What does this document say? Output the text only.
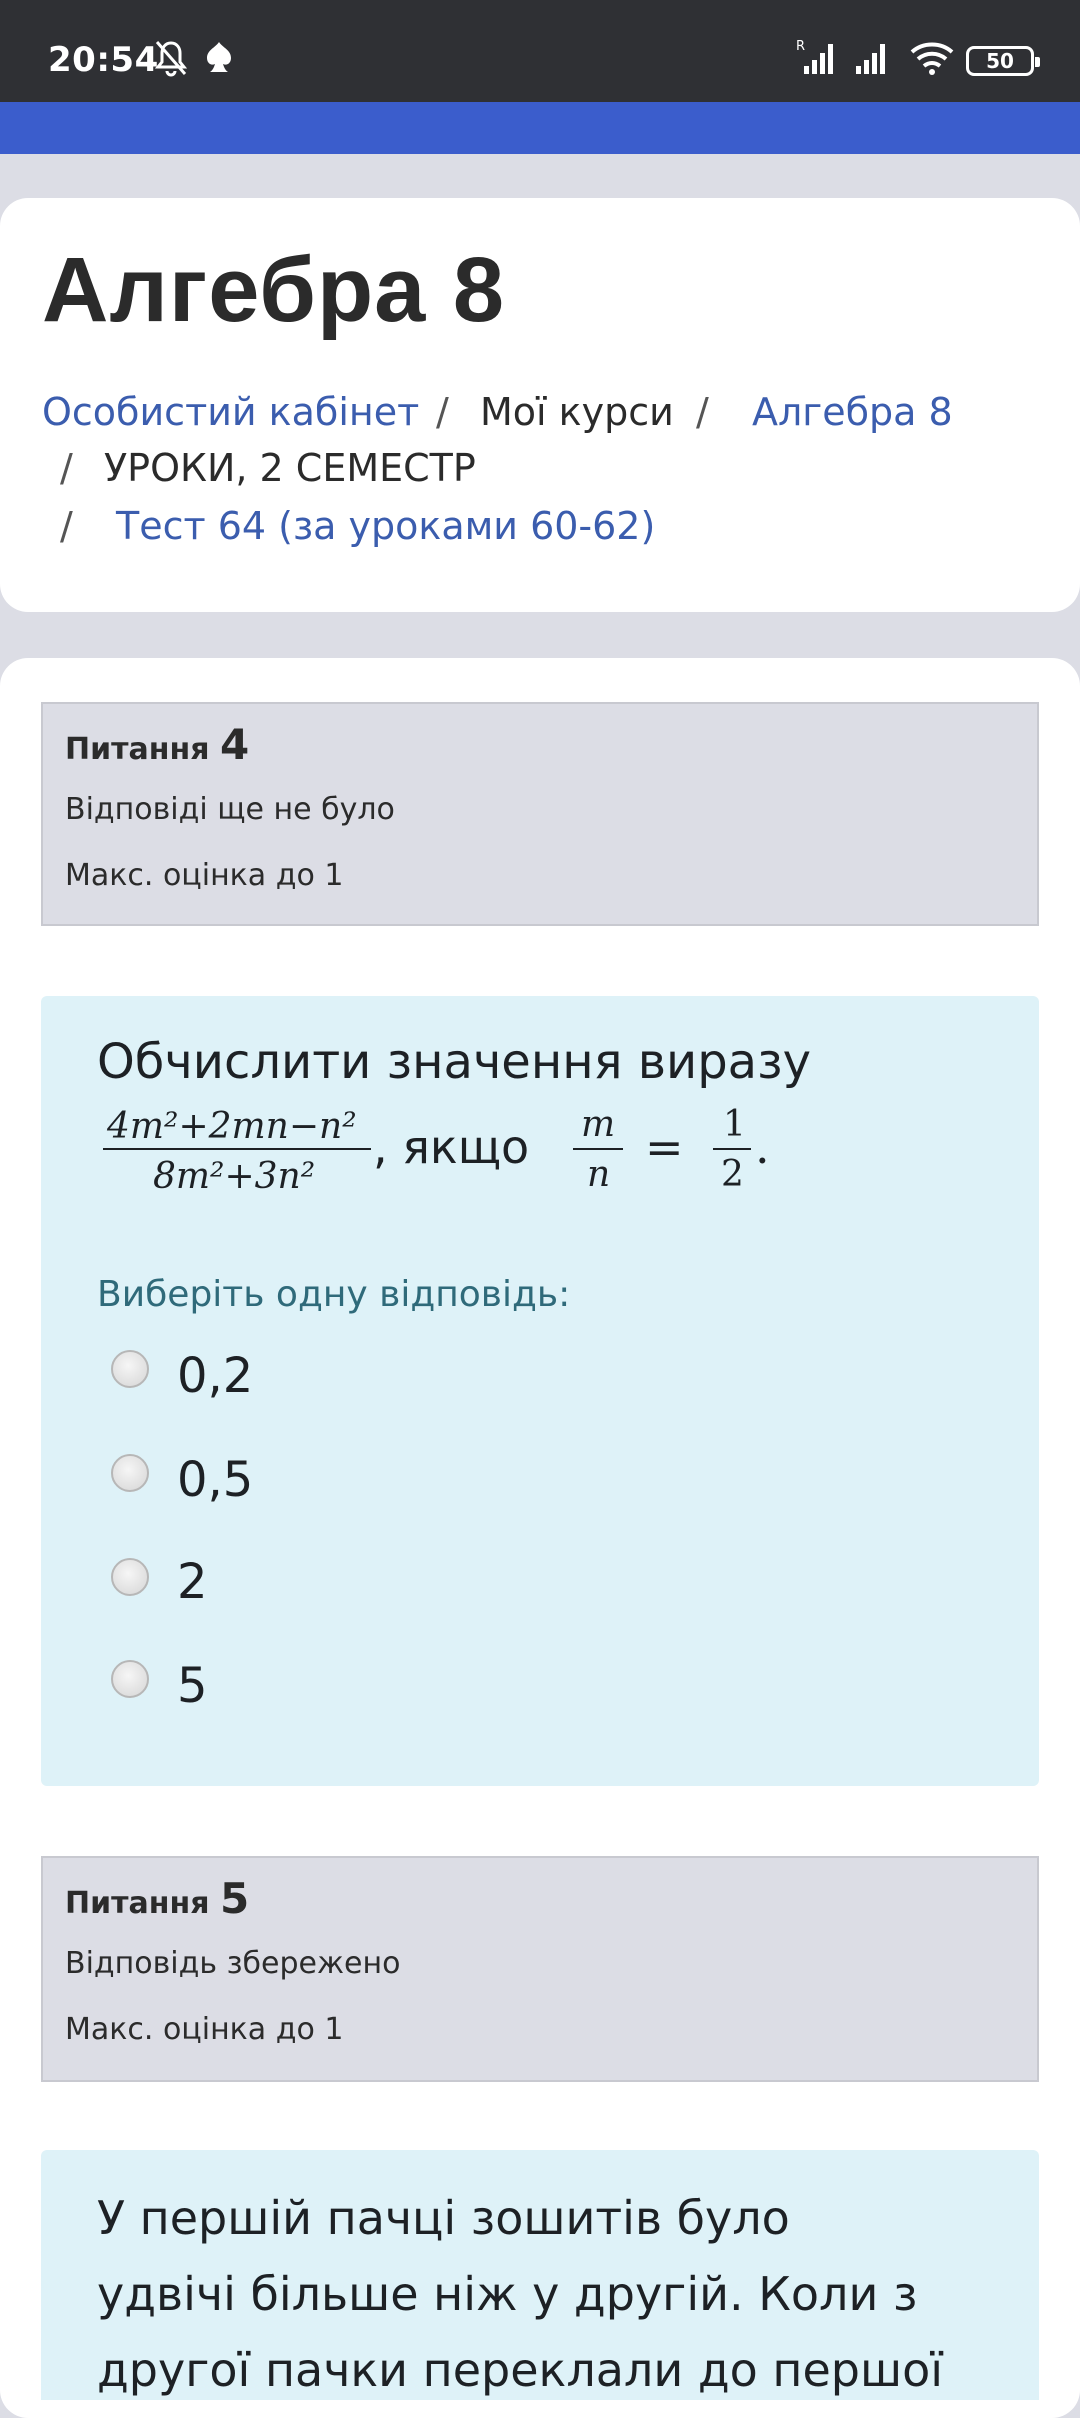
20:54	R
50
Алгебра 8
Особистий кабінет / Мої курси / Алгебра 8
/ УРОКИ, 2 СЕМЕСТР
/ Тест 64 (за уроками 60-62)
Питання 4
Відповіді ще не було
Макс. оцінка до 1
Обчислити значення виразу
4m²+2mn−n²
8m²+3n²
, якщо m
n
= 1
2
.
Виберіть одну відповідь:
0,2
0,5
2
5
Питання 5
Відповідь збережено
Макс. оцінка до 1
У першій пачці зошитів було
удвічі більше ніж у другій. Коли з
другої пачки переклали до першої
